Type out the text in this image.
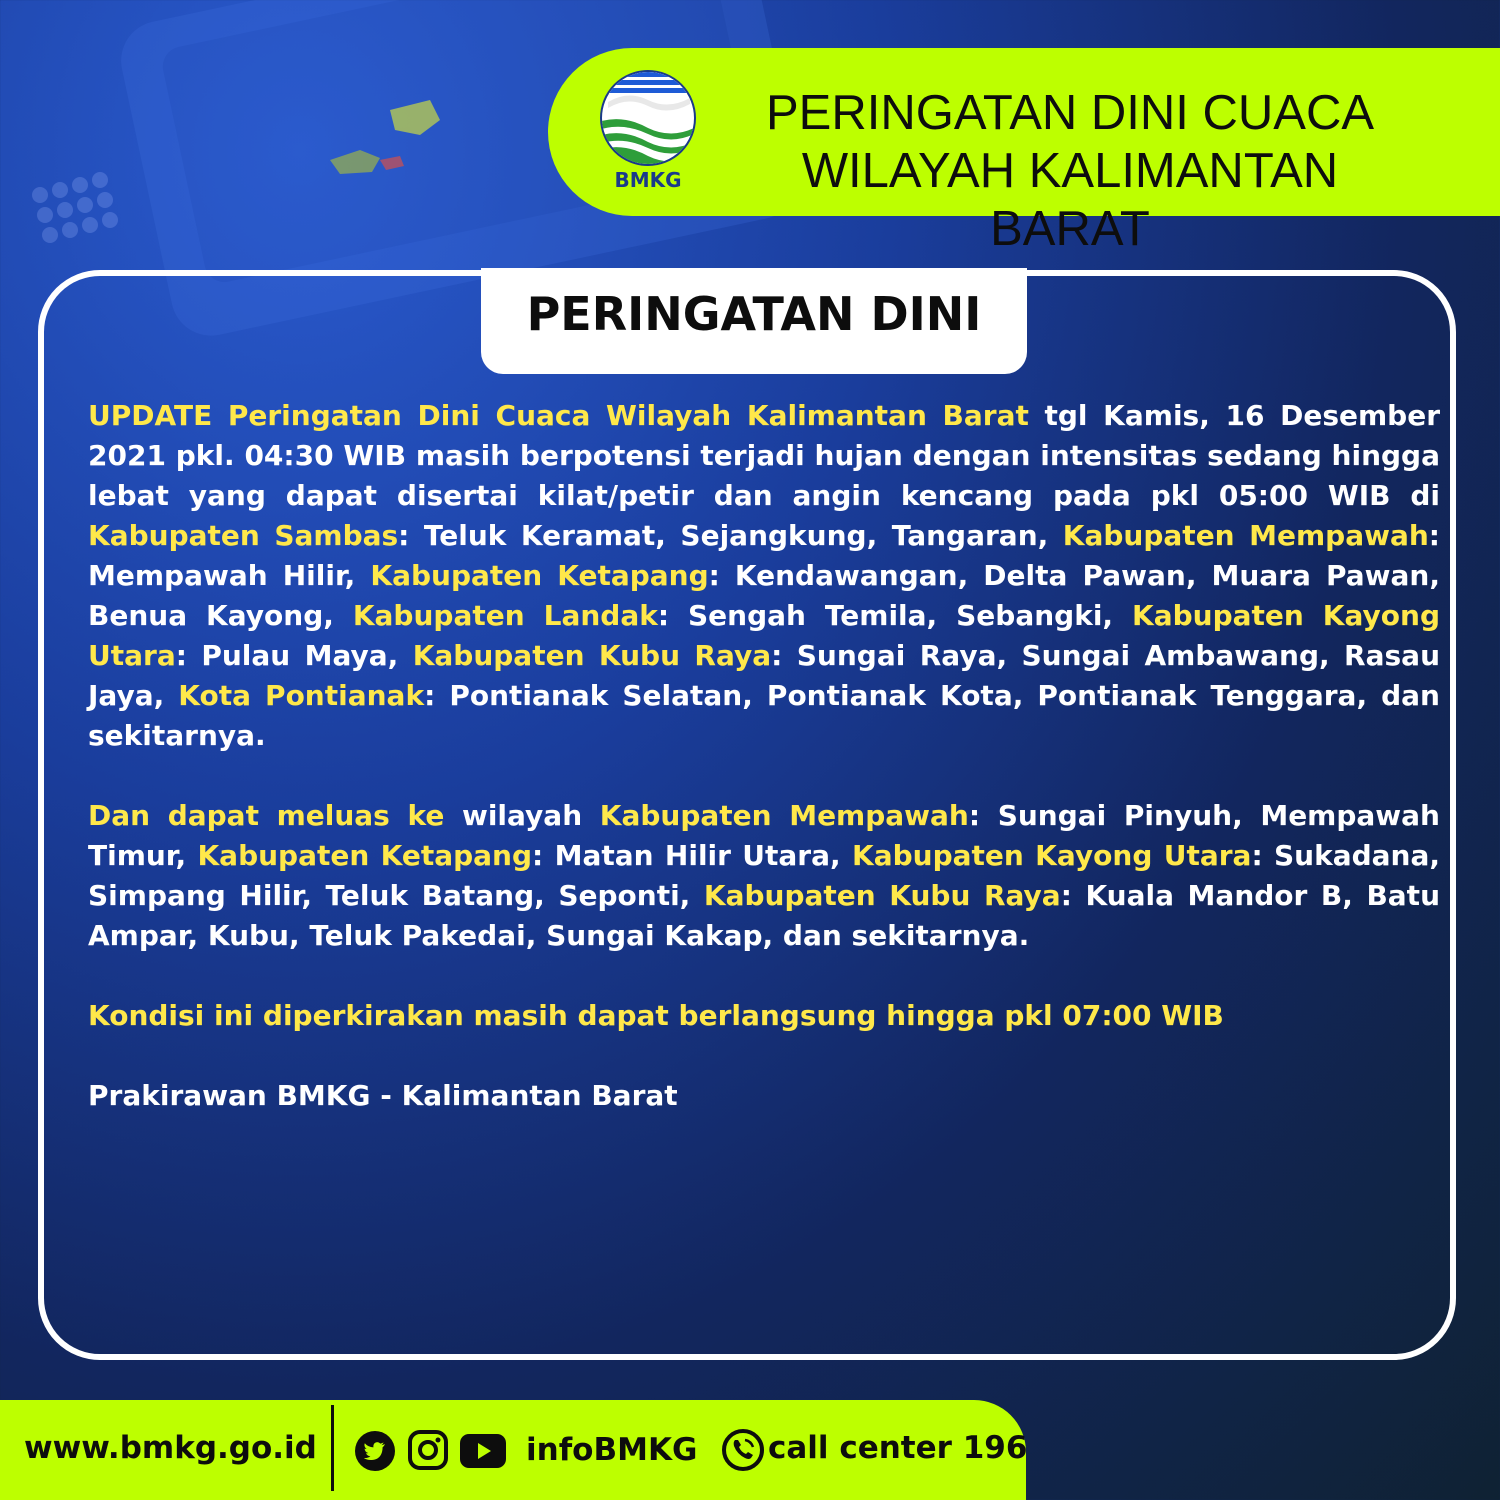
BMKG
PERINGATAN DINI CUACA
WILAYAH KALIMANTAN BARAT
PERINGATAN DINI

UPDATE Peringatan Dini Cuaca Wilayah Kalimantan Barat tgl Kamis, 16 Desember 2021 pkl. 04:30 WIB masih berpotensi terjadi hujan dengan intensitas sedang hingga lebat yang dapat disertai kilat/petir dan angin kencang pada pkl 05:00 WIB di Kabupaten Sambas: Teluk Keramat, Sejangkung, Tangaran, Kabupaten Mempawah: Mempawah Hilir, Kabupaten Ketapang: Kendawangan, Delta Pawan, Muara Pawan, Benua Kayong, Kabupaten Landak: Sengah Temila, Sebangki, Kabupaten Kayong Utara: Pulau Maya, Kabupaten Kubu Raya: Sungai Raya, Sungai Ambawang, Rasau Jaya, Kota Pontianak: Pontianak Selatan, Pontianak Kota, Pontianak Tenggara, dan sekitarnya.

Dan dapat meluas ke wilayah Kabupaten Mempawah: Sungai Pinyuh, Mempawah Timur, Kabupaten Ketapang: Matan Hilir Utara, Kabupaten Kayong Utara: Sukadana, Simpang Hilir, Teluk Batang, Seponti, Kabupaten Kubu Raya: Kuala Mandor B, Batu Ampar, Kubu, Teluk Pakedai, Sungai Kakap, dan sekitarnya.

Kondisi ini diperkirakan masih dapat berlangsung hingga pkl 07:00 WIB

Prakirawan BMKG - Kalimantan Barat

www.bmkg.go.id	infoBMKG call center 196
